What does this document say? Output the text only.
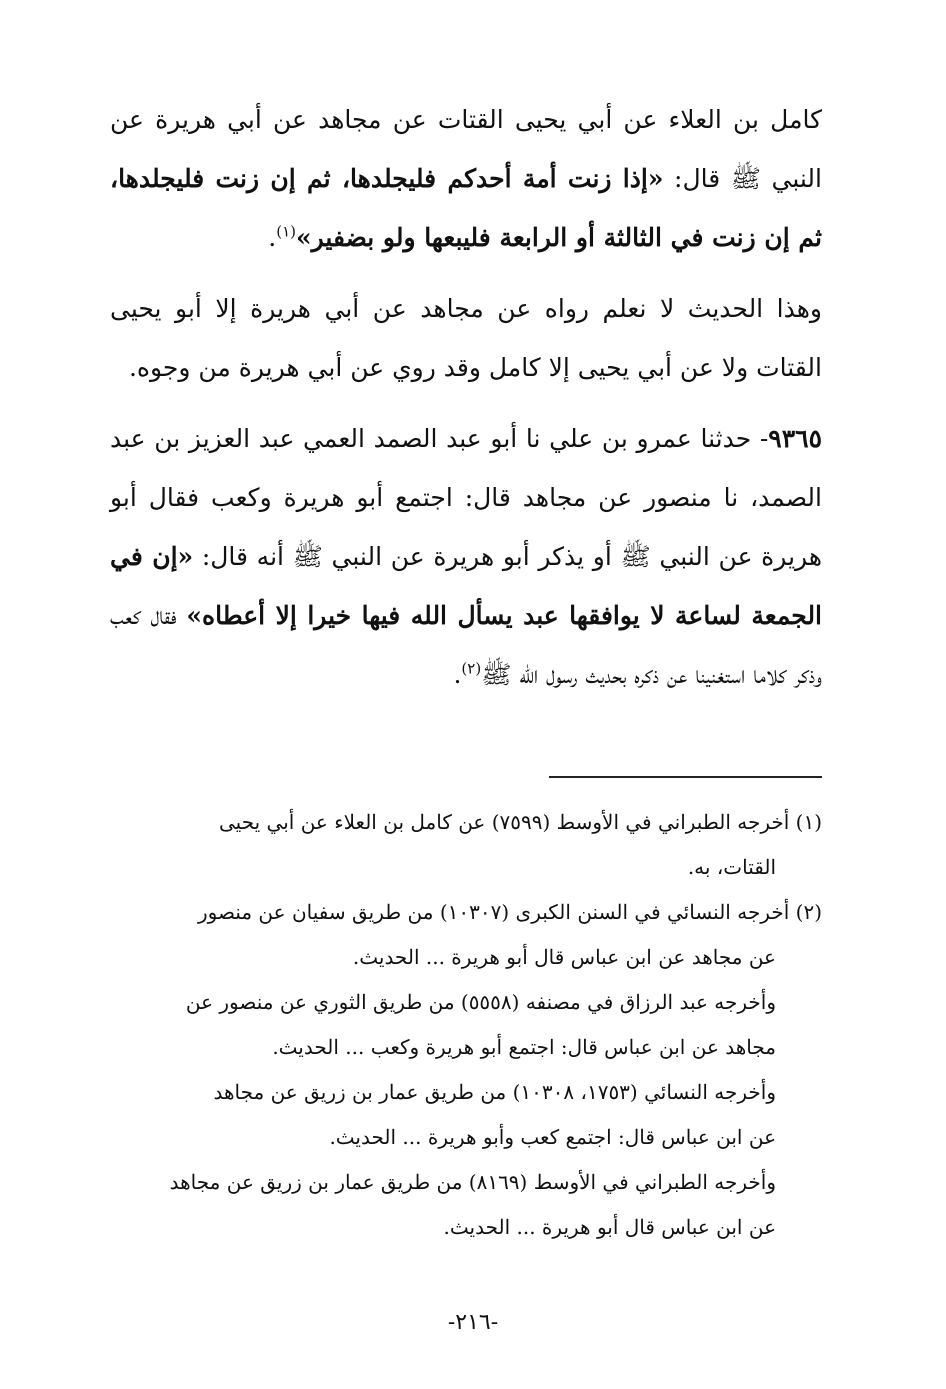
كامل بن العلاء عن أبي يحيى القتات عن مجاهد عن أبي هريرة عن النبي ﷺ قال: «إذا زنت أمة أحدكم فليجلدها، ثم إن زنت فليجلدها، ثم إن زنت في الثالثة أو الرابعة فليبعها ولو بضفير»$^{(١)}$.

وهذا الحديث لا نعلم رواه عن مجاهد عن أبي هريرة إلا أبو يحيى القتات ولا عن أبي يحيى إلا كامل وقد روي عن أبي هريرة من وجوه.

٩٣٦٥- حدثنا عمرو بن علي نا أبو عبد الصمد العمي عبد العزيز بن عبد الصمد، نا منصور عن مجاهد قال: اجتمع أبو هريرة وكعب فقال أبو هريرة عن النبي ﷺ أو يذكر أبو هريرة عن النبي ﷺ أنه قال: «إن في الجمعة لساعة لا يوافقها عبد يسأل الله فيها خيرا إلا أعطاه» فقال كعب وذكر كلاما استغنينا عن ذكره بحديث رسول الله ﷺ$^{(٢)}$.

(١) أخرجه الطبراني في الأوسط (٧٥٩٩) عن كامل بن العلاء عن أبي يحيى
القتات، به.

(٢) أخرجه النسائي في السنن الكبرى (١٠٣٠٧) من طريق سفيان عن منصور
عن مجاهد عن ابن عباس قال أبو هريرة ... الحديث.
وأخرجه عبد الرزاق في مصنفه (٥٥٥٨) من طريق الثوري عن منصور عن
مجاهد عن ابن عباس قال: اجتمع أبو هريرة وكعب ... الحديث.
وأخرجه النسائي (١٧٥٣، ١٠٣٠٨) من طريق عمار بن زريق عن مجاهد
عن ابن عباس قال: اجتمع كعب وأبو هريرة ... الحديث.
وأخرجه الطبراني في الأوسط (٨١٦٩) من طريق عمار بن زريق عن مجاهد
عن ابن عباس قال أبو هريرة ... الحديث.

-٢١٦-
